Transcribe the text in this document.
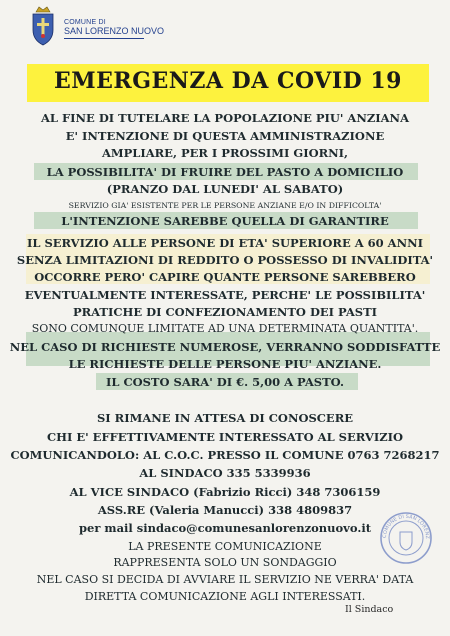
COMUNE DI
SAN LORENZO NUOVO
EMERGENZA DA COVID 19
AL FINE DI TUTELARE LA POPOLAZIONE PIU' ANZIANA
E' INTENZIONE DI QUESTA AMMINISTRAZIONE
AMPLIARE, PER I PROSSIMI GIORNI,
LA POSSIBILITA' DI FRUIRE DEL PASTO A DOMICILIO
(PRANZO DAL LUNEDI' AL SABATO)
SERVIZIO GIA' ESISTENTE PER LE PERSONE ANZIANE E/O IN DIFFICOLTA'
L'INTENZIONE SAREBBE QUELLA DI GARANTIRE
IL SERVIZIO ALLE PERSONE DI ETA' SUPERIORE A 60 ANNI
SENZA LIMITAZIONI DI REDDITO O POSSESSO DI INVALIDITA'
OCCORRE PERO' CAPIRE QUANTE PERSONE SAREBBERO
EVENTUALMENTE INTERESSATE, PERCHE' LE POSSIBILITA'
PRATICHE DI CONFEZIONAMENTO DEI PASTI
SONO COMUNQUE LIMITATE AD UNA DETERMINATA QUANTITA'.
NEL CASO DI RICHIESTE NUMEROSE, VERRANNO SODDISFATTE
LE RICHIESTE DELLE PERSONE PIU' ANZIANE.
IL COSTO SARA' DI €. 5,00 A PASTO.
SI RIMANE IN ATTESA DI CONOSCERE
CHI E' EFFETTIVAMENTE INTERESSATO AL SERVIZIO
COMUNICANDOLO: AL C.O.C. PRESSO IL COMUNE 0763 7268217
AL SINDACO 335 5339936
AL VICE SINDACO (Fabrizio Ricci) 348 7306159
ASS.RE (Valeria Manucci) 338 4809837
per mail sindaco@comunesanlorenzonuovo.it
LA PRESENTE COMUNICAZIONE
RAPPRESENTA SOLO UN SONDAGGIO
NEL CASO SI DECIDA DI AVVIARE IL SERVIZIO NE VERRA' DATA
DIRETTA COMUNICAZIONE AGLI INTERESSATI.
COMUNE DI SAN LORENZ
Il Sindaco
